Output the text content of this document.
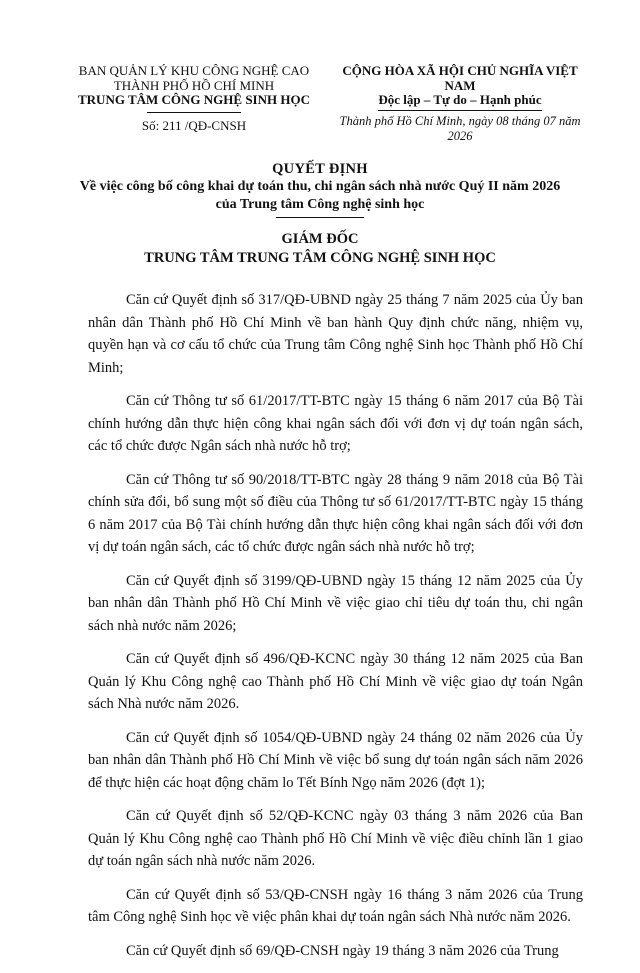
BAN QUẢN LÝ KHU CÔNG NGHỆ CAO
THÀNH PHỐ HỒ CHÍ MINH
TRUNG TÂM CÔNG NGHỆ SINH HỌC
Số: 211 /QĐ-CNSH
CỘNG HÒA XÃ HỘI CHỦ NGHĨA VIỆT NAM
Độc lập – Tự do – Hạnh phúc
Thành phố Hồ Chí Minh, ngày 08 tháng 07 năm 2026
QUYẾT ĐỊNH
Về việc công bố công khai dự toán thu, chi ngân sách nhà nước Quý II năm 2026
của Trung tâm Công nghệ sinh học
GIÁM ĐỐC
TRUNG TÂM TRUNG TÂM CÔNG NGHỆ SINH HỌC

Căn cứ Quyết định số 317/QĐ-UBND ngày 25 tháng 7 năm 2025 của Ủy ban nhân dân Thành phố Hồ Chí Minh về ban hành Quy định chức năng, nhiệm vụ, quyền hạn và cơ cấu tổ chức của Trung tâm Công nghệ Sinh học Thành phố Hồ Chí Minh;

Căn cứ Thông tư số 61/2017/TT-BTC ngày 15 tháng 6 năm 2017 của Bộ Tài chính hướng dẫn thực hiện công khai ngân sách đối với đơn vị dự toán ngân sách, các tổ chức được Ngân sách nhà nước hỗ trợ;

Căn cứ Thông tư số 90/2018/TT-BTC ngày 28 tháng 9 năm 2018 của Bộ Tài chính sửa đổi, bổ sung một số điều của Thông tư số 61/2017/TT-BTC ngày 15 tháng 6 năm 2017 của Bộ Tài chính hướng dẫn thực hiện công khai ngân sách đối với đơn vị dự toán ngân sách, các tổ chức được ngân sách nhà nước hỗ trợ;

Căn cứ Quyết định số 3199/QĐ-UBND ngày 15 tháng 12 năm 2025 của Ủy ban nhân dân Thành phố Hồ Chí Minh về việc giao chỉ tiêu dự toán thu, chi ngân sách nhà nước năm 2026;

Căn cứ Quyết định số 496/QĐ-KCNC ngày 30 tháng 12 năm 2025 của Ban Quản lý Khu Công nghệ cao Thành phố Hồ Chí Minh về việc giao dự toán Ngân sách Nhà nước năm 2026.

Căn cứ Quyết định số 1054/QĐ-UBND ngày 24 tháng 02 năm 2026 của Ủy ban nhân dân Thành phố Hồ Chí Minh về việc bổ sung dự toán ngân sách năm 2026 để thực hiện các hoạt động chăm lo Tết Bính Ngọ năm 2026 (đợt 1);

Căn cứ Quyết định số 52/QĐ-KCNC ngày 03 tháng 3 năm 2026 của Ban Quản lý Khu Công nghệ cao Thành phố Hồ Chí Minh về việc điều chỉnh lần 1 giao dự toán ngân sách nhà nước năm 2026.

Căn cứ Quyết định số 53/QĐ-CNSH ngày 16 tháng 3 năm 2026 của Trung tâm Công nghệ Sinh học về việc phân khai dự toán ngân sách Nhà nước năm 2026.

Căn cứ Quyết định số 69/QĐ-CNSH ngày 19 tháng 3 năm 2026 của Trung
